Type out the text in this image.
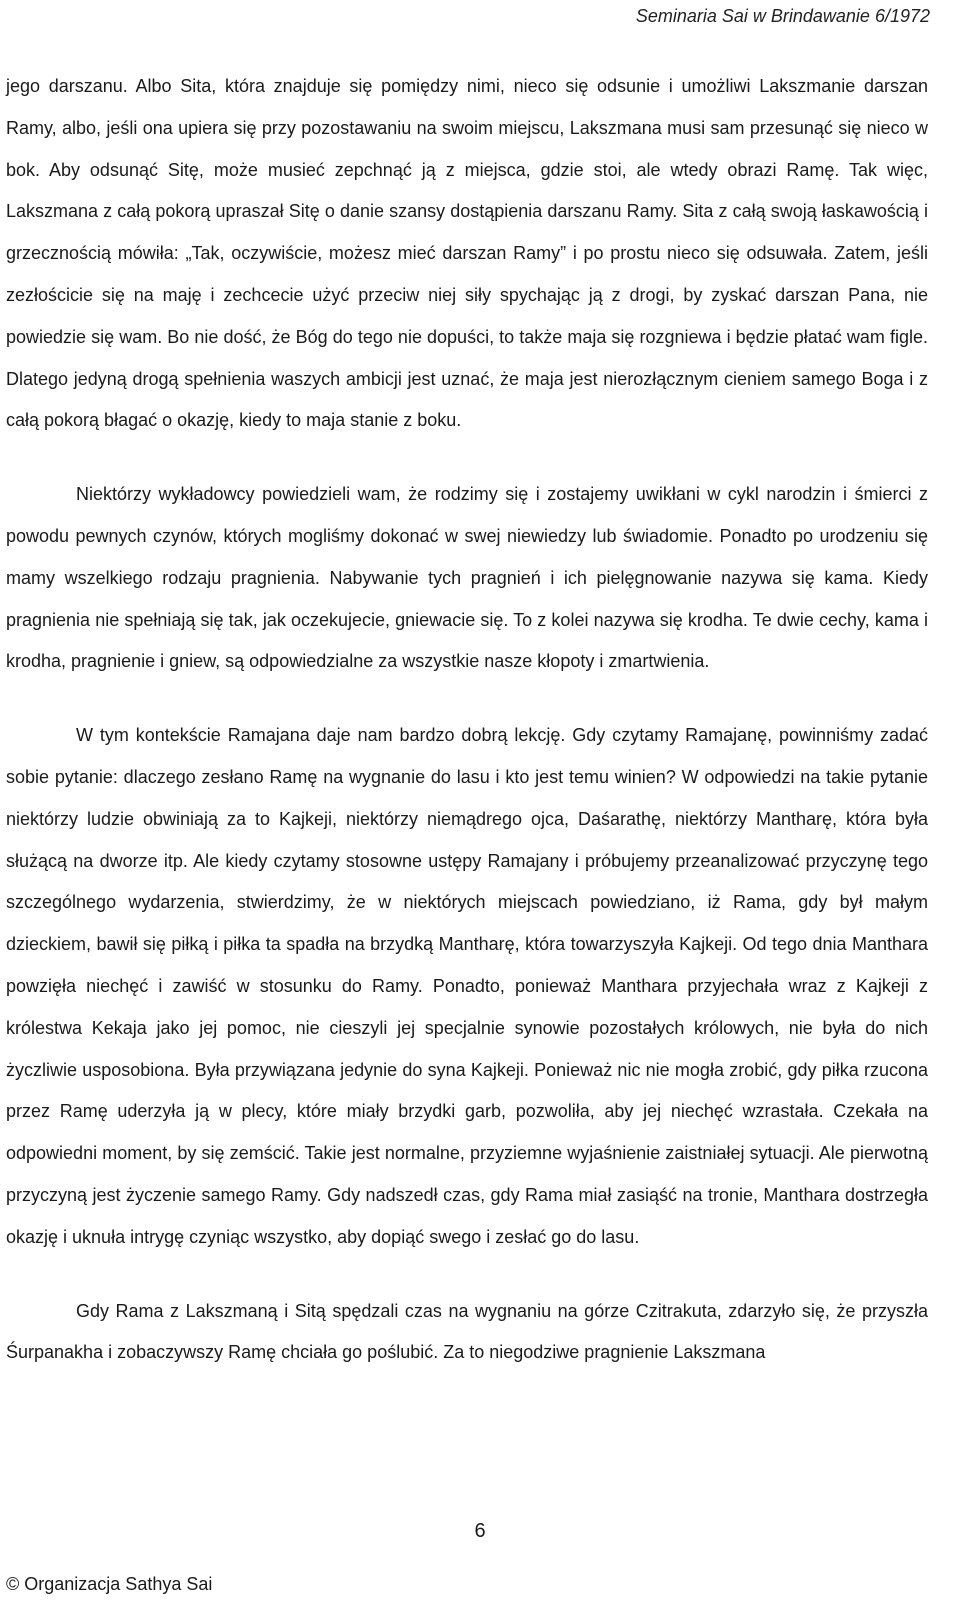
Seminaria Sai w Brindawanie 6/1972

jego darszanu. Albo Sita, która znajduje się pomiędzy nimi, nieco się odsunie i umożliwi Lakszmanie darszan Ramy, albo, jeśli ona upiera się przy pozostawaniu na swoim miejscu, Lakszmana musi sam przesunąć się nieco w bok. Aby odsunąć Sitę, może musieć zepchnąć ją z miejsca, gdzie stoi, ale wtedy obrazi Ramę. Tak więc, Lakszmana z całą pokorą upraszał Sitę o danie szansy dostąpienia darszanu Ramy. Sita z całą swoją łaskawością i grzecznością mówiła: „Tak, oczywiście, możesz mieć darszan Ramy” i po prostu nieco się odsuwała. Zatem, jeśli zezłościcie się na maję i zechcecie użyć przeciw niej siły spychając ją z drogi, by zyskać darszan Pana, nie powiedzie się wam. Bo nie dość, że Bóg do tego nie dopuści, to także maja się rozgniewa i będzie płatać wam figle. Dlatego jedyną drogą spełnienia waszych ambicji jest uznać, że maja jest nierozłącznym cieniem samego Boga i z całą pokorą błagać o okazję, kiedy to maja stanie z boku.

Niektórzy wykładowcy powiedzieli wam, że rodzimy się i zostajemy uwikłani w cykl narodzin i śmierci z powodu pewnych czynów, których mogliśmy dokonać w swej niewiedzy lub świadomie. Ponadto po urodzeniu się mamy wszelkiego rodzaju pragnienia. Nabywanie tych pragnień i ich pielęgnowanie nazywa się kama. Kiedy pragnienia nie spełniają się tak, jak oczekujecie, gniewacie się. To z kolei nazywa się krodha. Te dwie cechy, kama i krodha, pragnienie i gniew, są odpowiedzialne za wszystkie nasze kłopoty i zmartwienia.

W tym kontekście Ramajana daje nam bardzo dobrą lekcję. Gdy czytamy Ramajanę, powinniśmy zadać sobie pytanie: dlaczego zesłano Ramę na wygnanie do lasu i kto jest temu winien? W odpowiedzi na takie pytanie niektórzy ludzie obwiniają za to Kajkeji, niektórzy niemądrego ojca, Daśarathę, niektórzy Mantharę, która była służącą na dworze itp. Ale kiedy czytamy stosowne ustępy Ramajany i próbujemy przeanalizować przyczynę tego szczególnego wydarzenia, stwierdzimy, że w niektórych miejscach powiedziano, iż Rama, gdy był małym dzieckiem, bawił się piłką i piłka ta spadła na brzydką Mantharę, która towarzyszyła Kajkeji. Od tego dnia Manthara powzięła niechęć i zawiść w stosunku do Ramy. Ponadto, ponieważ Manthara przyjechała wraz z Kajkeji z królestwa Kekaja jako jej pomoc, nie cieszyli jej specjalnie synowie pozostałych królowych, nie była do nich życzliwie usposobiona. Była przywiązana jedynie do syna Kajkeji. Ponieważ nic nie mogła zrobić, gdy piłka rzucona przez Ramę uderzyła ją w plecy, które miały brzydki garb, pozwoliła, aby jej niechęć wzrastała. Czekała na odpowiedni moment, by się zemścić. Takie jest normalne, przyziemne wyjaśnienie zaistniałej sytuacji. Ale pierwotną przyczyną jest życzenie samego Ramy. Gdy nadszedł czas, gdy Rama miał zasiąść na tronie, Manthara dostrzegła okazję i uknuła intrygę czyniąc wszystko, aby dopiąć swego i zesłać go do lasu.

Gdy Rama z Lakszmaną i Sitą spędzali czas na wygnaniu na górze Czitrakuta, zdarzyło się, że przyszła Śurpanakha i zobaczywszy Ramę chciała go poślubić. Za to niegodziwe pragnienie Lakszmana

6
© Organizacja Sathya Sai
